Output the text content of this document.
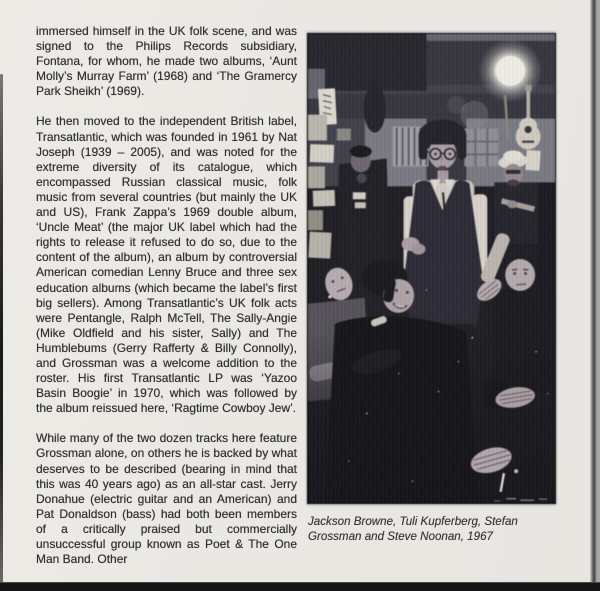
immersed himself in the UK folk scene, and was signed to the Philips Records subsidiary, Fontana, for whom, he made two albums, ‘Aunt Molly’s Murray Farm’ (1968) and ‘The Gramercy Park Sheikh’ (1969).

He then moved to the independent British label, Transatlantic, which was founded in 1961 by Nat Joseph (1939 – 2005), and was noted for the extreme diversity of its catalogue, which encompassed Russian classical music, folk music from several countries (but mainly the UK and US), Frank Zappa’s 1969 double album, ‘Uncle Meat’ (the major UK label which had the rights to release it refused to do so, due to the content of the album), an album by controversial American comedian Lenny Bruce and three sex education albums (which became the label’s first big sellers). Among Transatlantic’s UK folk acts were Pentangle, Ralph McTell, The Sally-Angie (Mike Oldfield and his sister, Sally) and The Humblebums (Gerry Rafferty & Billy Connolly), and Grossman was a welcome addition to the roster. His first Transatlantic LP was ‘Yazoo Basin Boogie’ in 1970, which was followed by the album reissued here, ‘Ragtime Cowboy Jew’.

While many of the two dozen tracks here feature Grossman alone, on others he is backed by what deserves to be described (bearing in mind that this was 40 years ago) as an all-star cast. Jerry Donahue (electric guitar and an American) and Pat Donaldson (bass) had both been members of a critically praised but commercially unsuccessful group known as Poet & The One Man Band. Other

Jackson Browne, Tuli Kupferberg, Stefan Grossman and Steve Noonan, 1967
